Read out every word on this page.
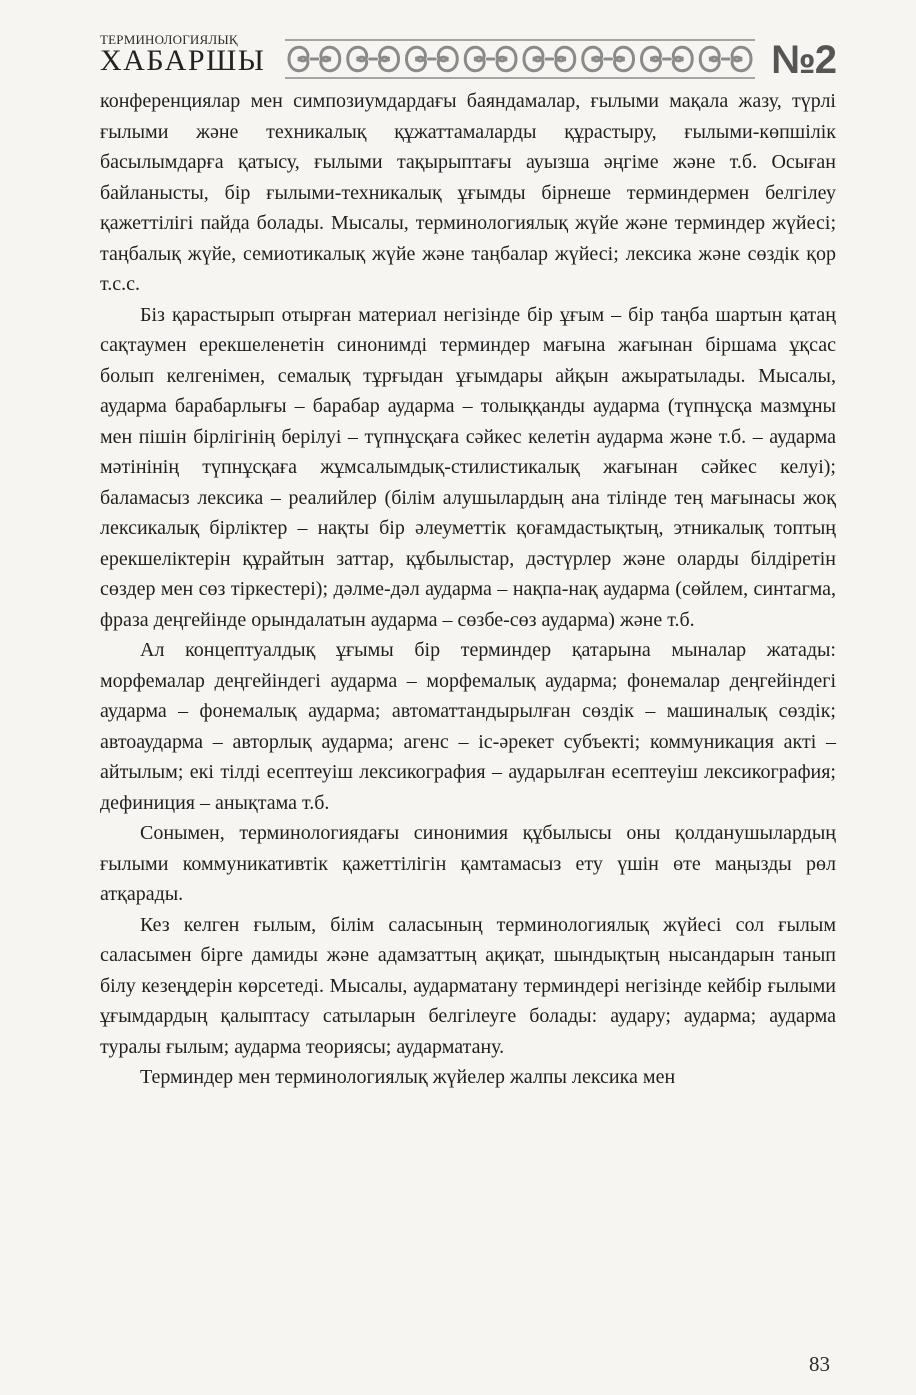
ТЕРМИНОЛОГИЯЛЫҚ
ХАБАРШЫ	№2

конференциялар мен симпозиумдардағы баяндамалар, ғылыми мақала жазу, түрлі ғылыми және техникалық құжаттамаларды құрастыру, ғылыми-көпшілік басылымдарға қатысу, ғылыми тақырыптағы ауызша әңгіме және т.б. Осыған байланысты, бір ғылыми-техникалық ұғымды бірнеше терминдермен белгілеу қажеттілігі пайда болады. Мысалы, терминологиялық жүйе және терминдер жүйесі; таңбалық жүйе, семиотикалық жүйе және таңбалар жүйесі; лексика және сөздік қор т.с.с.

Біз қарастырып отырған материал негізінде бір ұғым – бір таңба шартын қатаң сақтаумен ерекшеленетін синонимді терминдер мағына жағынан біршама ұқсас болып келгенімен, семалық тұрғыдан ұғымдары айқын ажыратылады. Мысалы, аударма барабарлығы – барабар аударма – толыққанды аударма (түпнұсқа мазмұны мен пішін бірлігінің берілуі – түпнұсқаға сәйкес келетін аударма және т.б. – аударма мәтінінің түпнұсқаға жұмсалымдық-стилистикалық жағынан сәйкес келуі); баламасыз лексика – реалийлер (білім алушылардың ана тілінде тең мағынасы жоқ лексикалық бірліктер – нақты бір әлеуметтік қоғамдастықтың, этникалық топтың ерекшеліктерін құрайтын заттар, құбылыстар, дәстүрлер және оларды білдіретін сөздер мен сөз тіркестері); дәлме-дәл аударма – нақпа-нақ аударма (сөйлем, синтагма, фраза деңгейінде орындалатын аударма – сөзбе-сөз аударма) және т.б.

Ал концептуалдық ұғымы бір терминдер қатарына мыналар жатады: морфемалар деңгейіндегі аударма – морфемалық аударма; фонемалар деңгейіндегі аударма – фонемалық аударма; автоматтандырылған сөздік – машиналық сөздік; автоаударма – авторлық аударма; агенс – іс-әрекет субъекті; коммуникация акті – айтылым; екі тілді есептеуіш лексикография – аударылған есептеуіш лексикография; дефиниция – анықтама т.б.

Сонымен, терминологиядағы синонимия құбылысы оны қолданушылардың ғылыми коммуникативтік қажеттілігін қамтамасыз ету үшін өте маңызды рөл атқарады.

Кез келген ғылым, білім саласының терминологиялық жүйесі сол ғылым саласымен бірге дамиды және адамзаттың ақиқат, шындықтың нысандарын танып білу кезеңдерін көрсетеді. Мысалы, аударматану терминдері негізінде кейбір ғылыми ұғымдардың қалыптасу сатыларын белгілеуге болады: аудару; аударма; аударма туралы ғылым; аударма теориясы; аударматану.

Терминдер мен терминологиялық жүйелер жалпы лексика мен

83
